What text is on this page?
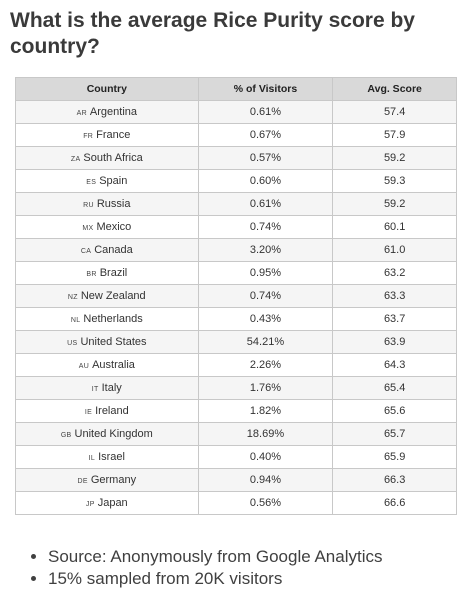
What is the average Rice Purity score by country?
Country	% of Visitors	Avg. Score
AR Argentina	0.61%	57.4
FR France	0.67%	57.9
ZA South Africa	0.57%	59.2
ES Spain	0.60%	59.3
RU Russia	0.61%	59.2
MX Mexico	0.74%	60.1
CA Canada	3.20%	61.0
BR Brazil	0.95%	63.2
NZ New Zealand	0.74%	63.3
NL Netherlands	0.43%	63.7
US United States	54.21%	63.9
AU Australia	2.26%	64.3
IT Italy	1.76%	65.4
IE Ireland	1.82%	65.6
GB United Kingdom	18.69%	65.7
IL Israel	0.40%	65.9
DE Germany	0.94%	66.3
JP Japan	0.56%	66.6
• Source: Anonymously from Google Analytics
• 15% sampled from 20K visitors
